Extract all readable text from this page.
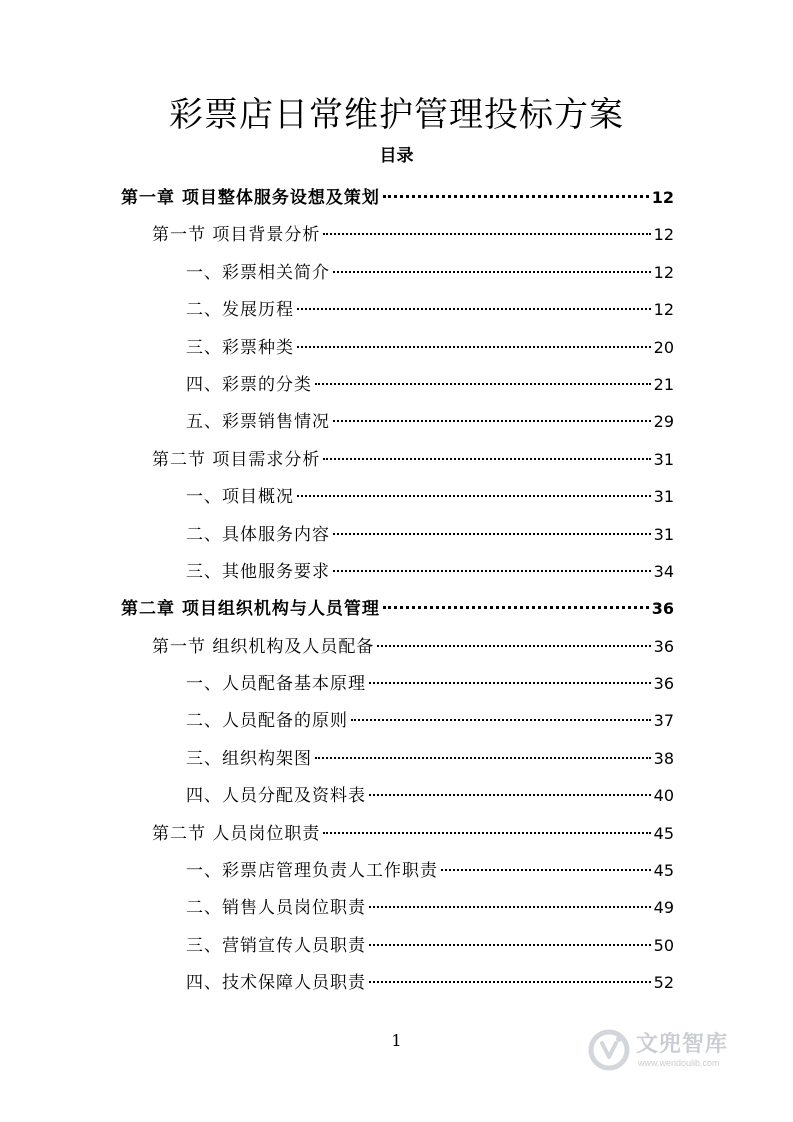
彩票店日常维护管理投标方案
目录
第一章 项目整体服务设想及策划	12
第一节 项目背景分析	12
一、彩票相关简介	12
二、发展历程	12
三、彩票种类	20
四、彩票的分类	21
五、彩票销售情况	29
第二节 项目需求分析	31
一、项目概况	31
二、具体服务内容	31
三、其他服务要求	34
第二章 项目组织机构与人员管理	36
第一节 组织机构及人员配备	36
一、人员配备基本原理	36
二、人员配备的原则	37
三、组织构架图	38
四、人员分配及资料表	40
第二节 人员岗位职责	45
一、彩票店管理负责人工作职责	45
二、销售人员岗位职责	49
三、营销宣传人员职责	50
四、技术保障人员职责	52
1	文兜智库
www.wendoulib.com
